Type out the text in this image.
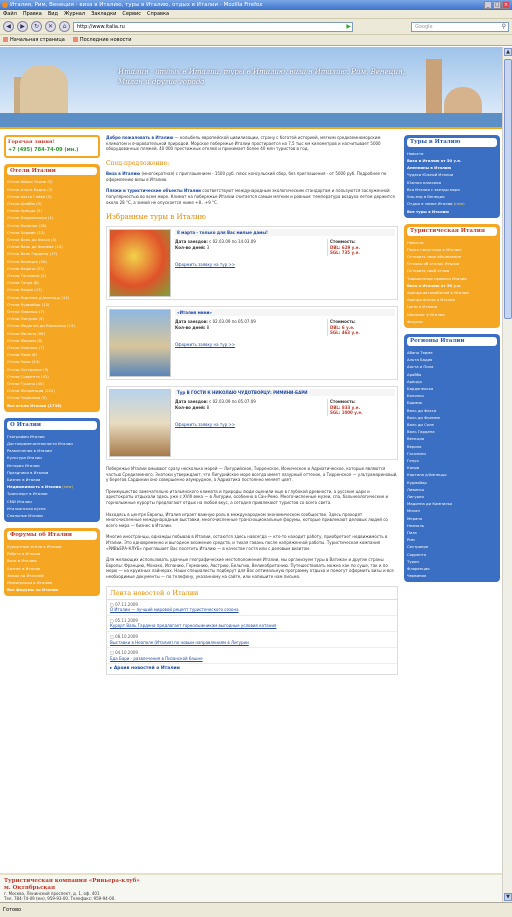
Италия, Рим, Венеция - виза в Италию, туры в Италию, отдых в Италии - Mozilla Firefox	_	□ ×
Файл Правка Вид Журнал Закладки Сервис Справка
◀	▶	↻	✕	⌂	http://www.italia.ru	▶	Google	⚲
Начальная страница	Последние новости
Италия - отдых в Италии, туры в Италию, виза в Италию. Рим, Венеция, Милан и другие города
Горячая линия!
+7 (495) 784-74-09 (мн.)
Отели Италии
Отели Абано Терме (5)
Отели Альта Бадия (2)
Отели Аоста Гайве (5)
Отели Арабба (3)
Отели Ареццо (4)
Отели Бардонеккья (1)
Отели Болонья (18)
Отели Бормио (12)
Отели Валь ди Фасса (4)
Отели Валь ди Фьемме (15)
Отели Валь Гардена (17)
Отели Венеция (34)
Отели Верона (32)
Отели Гаголини (2)
Отели Генуя (8)
Отели Капри (13)
Отели Кортина д'Ампеццо (11)
Отели Курмайор (13)
Отели Ливиньо (7)
Отели Лигурия (9)
Отели Мадонна ди Кампильо (13)
Отели Милана (69)
Отели Мерано (8)
Отели Неаполь (7)
Отели Пиза (6)
Отели Рима (44)
Отели Сестриере (3)
Отели Сорренто (42)
Отели Турина (40)
Отели Флоренции (221)
Отели Червинии (5)
Все отели Италии (1736)
О Италии
География Италии
Достопримечательности Италии
Развлечения в Италии
Культура Италии
История Италии
Праздники в Италии
Бизнес в Италии
Недвижимость в Италии (new)
Транспорт в Италии
СМИ Италии
Итальянская кухня
Спальные Италии
Форумы об Италии
Курортные отели в Италии
Работа в Италии
Виза в Италию
Бизнес в Италии
Замок на Италией
Иммиграция в Италию
Все форумы по Италии
Добро пожаловать в Италию — колыбель европейской цивилизации, страну с богатой историей, мягким средиземноморским климатом и очаровательной природой. Морское побережье Италии простирается на 7,5 тыс км километров и насчитывает 5000 оборудованных пляжей, 40 000 престижных отелей и принимает более 40 млн туристов в год.
Спец-предложение:
Виза в Италию (многократная) с приглашением - 1500 руб. плюс консульский сбор, без приглашения - от 5000 руб. Подробнее по оформлению визы в Италию.
Пляжи и туристические объекты Италии соответствуют международным экологическим стандартам и пользуются заслуженной популярностью во всем мире. Климат на побережье Италии считается самым мягким и ровным: температура воздуха летом держится около 28 °C, а зимой не опускается ниже +8...+9 °C.
Избранные туры в Италию
8 марта - только для Вас милые дамы!
Дата заездов: с 02.03.09 по 14.03.09
Кол-во дней: 3
Стоимость:
DBL: 629 у.е.
SGL: 735 у.е.
Оформить заявку на тур >>
«Италия мини»
Дата заездов: с 02.03.09 по 05.07.09
Кол-во дней: 8
Стоимость:
DBL: 6 у.е.
SGL: 463 у.е.
Оформить заявку на тур >>
Тур В ГОСТИ К НИКОЛАЮ ЧУДОТВОРЦУ: РИМИНИ-БАРИ
Дата заездов: с 02.03.09 по 05.07.09
Кол-во дней: 8
Стоимость:
DBL: 833 у.е.
SGL: 1000 у.е.
Оформить заявку на тур >>
Побережье Италии омывают сразу несколько морей — Лигурийское, Тирренское, Ионическое и Адриатическое, которые являются частью Средиземного. Знатоки утверждают, что Лигурийское море всегда имеет лазурный оттенок, а Тирренское — ультрамариновый, у берегов Сардинии оно совершенно изумрудное, а Адриатика постоянно меняет цвет.
Преимущество замечательно итальянского климата и природы люди оценили еще в глубокой древности, а русские цари и аристократы отдыхали здесь уже с XVIII века — в Лигурии, особенно в Сан-Ремо. Многочисленные музеи, спа, бальнеологические и горнолыжные курорты предлагают отдых на любой вкус, а сегодня привлекают туристов со всего света.
Находясь в центре Европы, Италия играет важную роль в международном экономическом сообществе. Здесь проходят многочисленные международные выставки, многочисленные транснациональные форумы, которые привлекают деловых людей со всего мира — бизнес в Италии.
Многие иностранцы, однажды побывав в Италии, остаются здесь навсегда — кто-то находит работу, приобретает недвижимость в Италии. Это одновременно и выгодное вложение средств, и тихая гавань после напряженной работы. Туристическая компания «РИВЬЕРА-КЛУБ» приглашает Вас посетить Италию — в качестве гостя или с деловым визитом.
Для желающих использовать удачные географические местоположения Италии, мы организуем туры в Ватикан и другие страны Европы: Францию, Монако, Испанию, Германию, Австрию, Бельгию, Великобританию. Путешествовать можно как по суше, так и по морю — на круизных лайнерах. Наши специалисты подберут для Вас оптимальную программу отдыха и помогут оформить визы и все необходимые документы — по телефону, указанному на сайте, или напишите нам письмо.
Лента новостей о Италии
□ 07.11.2009
О Италии — лучший мировой рецепт туристического сезона
□ 05.11.2009
Курорт Валь Гардена предлагает горнолыжникам выгодные условия катания
□ 08.10.2009
Выставки в Неаполе (Италия) по новым направлениям в Лигурии
□ 04.10.2009
Еда Бари - развлечения в Пизанской башне
▸ Архив новостей о Италии
Туры в Италию
Новости
Виза в Италию от 50 у.е.
Апеннины в Италию
Чудеса Южной Италии
Южная классика
Вся Италия с заезды моря
Уик-энд в Венеции
Отдых в замке Италии (new)
Все туры в Италию
Туристическая Италия
Новости
Поиск попутчика в Италию
Оставить свое объявление
Отзывы об отелях Италии
Оставить свой отзыв
Таможенные правила Италии
Виза в Италию от 50 у.е.
Аренда автомобилей в Италии
Аренда виллы в Италии
Цены в Италии
Шоппинг в Италии
Форумы
Регионы Италии
Абано Терме
Альта Бадия
Аоста и Пила
Арабба
Ареццо
Бардонеккья
Болонья
Бормио
Валь ди Фасса
Валь ди Фьемме
Валь ди Соле
Валь Гардена
Венеция
Верона
Гаголини
Генуя
Капри
Кортина д'Ампеццо
Курмайор
Ливиньо
Лигурия
Мадонна ди Кампильо
Милан
Мерано
Неаполь
Пиза
Рим
Сестриере
Сорренто
Турин
Флоренция
Червиния
Туристическая компания «Ривьера-клуб»
м. Октябрьская
г. Москва, Ленинский проспект, д. 1, оф. 401
Тел. 784-74-09 (мн), 959-93-00. Телефакс: 959-94-00.
▲
▼
Готово
